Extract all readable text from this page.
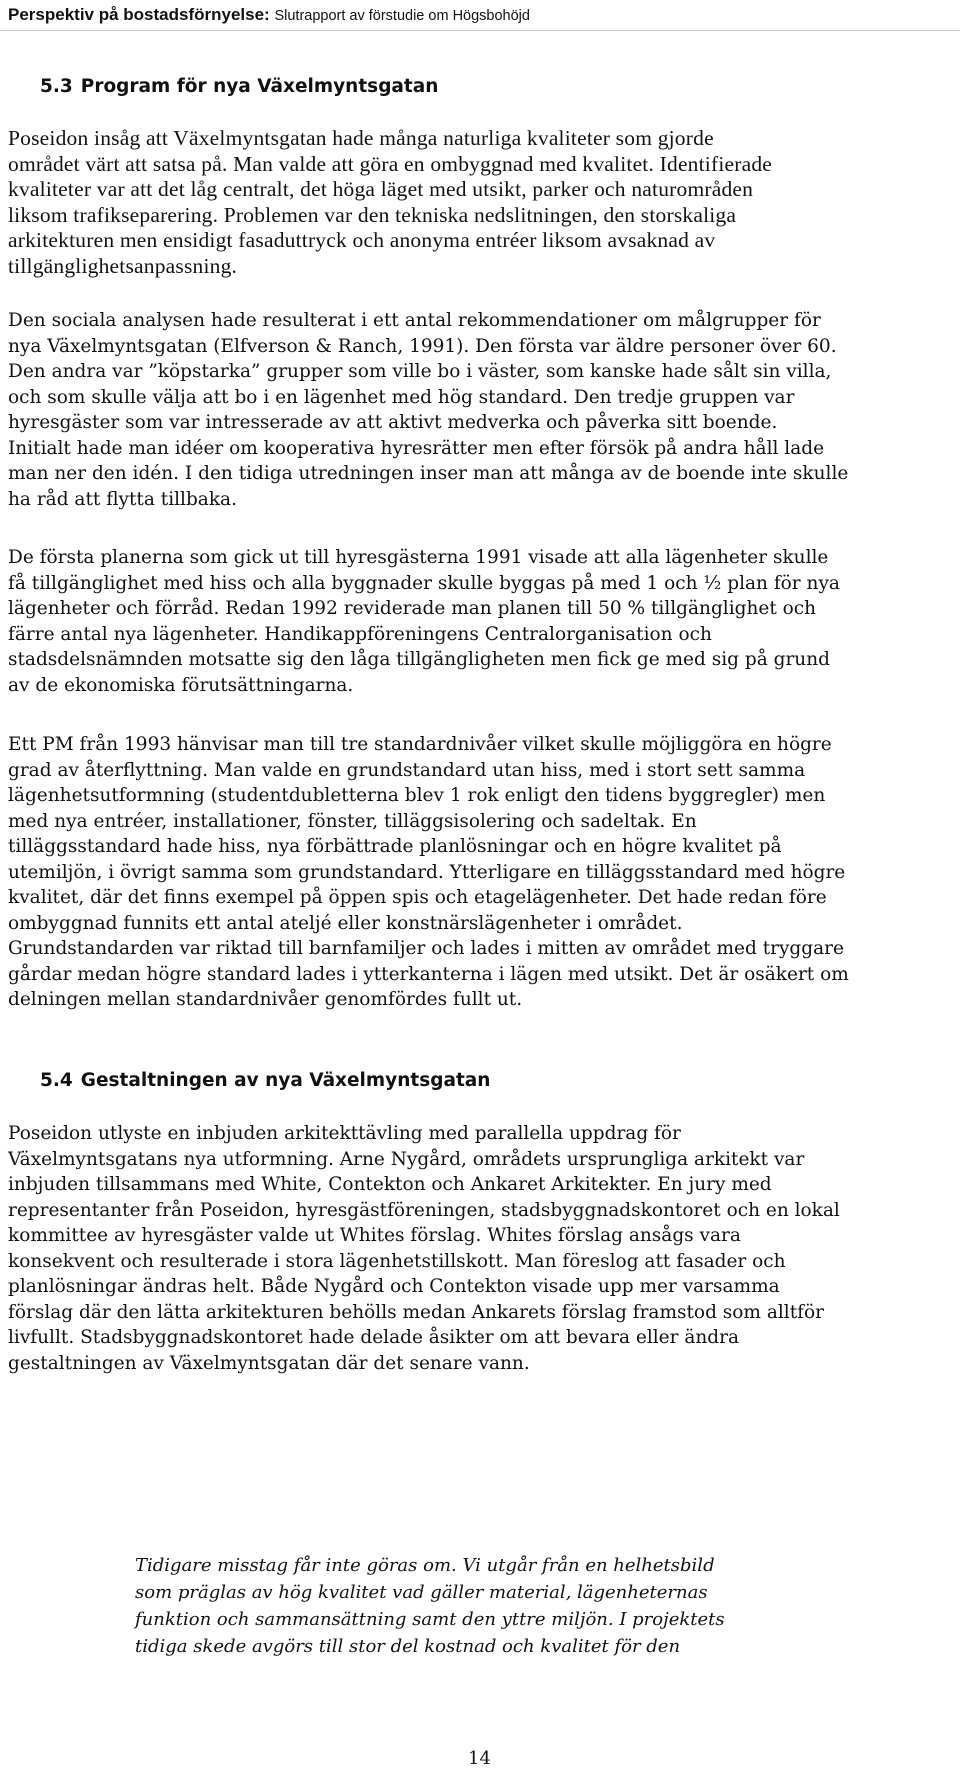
Perspektiv på bostadsförnyelse: Slutrapport av förstudie om Högsbohöjd
5.3 Program för nya Växelmyntsgatan

Poseidon insåg att Växelmyntsgatan hade många naturliga kvaliteter som gjorde
området värt att satsa på. Man valde att göra en ombyggnad med kvalitet. Identifierade
kvaliteter var att det låg centralt, det höga läget med utsikt, parker och naturområden
liksom trafikseparering. Problemen var den tekniska nedslitningen, den storskaliga
arkitekturen men ensidigt fasaduttryck och anonyma entréer liksom avsaknad av
tillgänglighetsanpassning.

Den sociala analysen hade resulterat i ett antal rekommendationer om målgrupper för
nya Växelmyntsgatan (Elfverson & Ranch, 1991). Den första var äldre personer över 60.
Den andra var ”köpstarka” grupper som ville bo i väster, som kanske hade sålt sin villa,
och som skulle välja att bo i en lägenhet med hög standard. Den tredje gruppen var
hyresgäster som var intresserade av att aktivt medverka och påverka sitt boende.
Initialt hade man idéer om kooperativa hyresrätter men efter försök på andra håll lade
man ner den idén. I den tidiga utredningen inser man att många av de boende inte skulle
ha råd att flytta tillbaka.

De första planerna som gick ut till hyresgästerna 1991 visade att alla lägenheter skulle
få tillgänglighet med hiss och alla byggnader skulle byggas på med 1 och ½ plan för nya
lägenheter och förråd. Redan 1992 reviderade man planen till 50 % tillgänglighet och
färre antal nya lägenheter. Handikappföreningens Centralorganisation och
stadsdelsnämnden motsatte sig den låga tillgängligheten men fick ge med sig på grund
av de ekonomiska förutsättningarna.

Ett PM från 1993 hänvisar man till tre standardnivåer vilket skulle möjliggöra en högre
grad av återflyttning. Man valde en grundstandard utan hiss, med i stort sett samma
lägenhetsutformning (studentdubletterna blev 1 rok enligt den tidens byggregler) men
med nya entréer, installationer, fönster, tilläggsisolering och sadeltak. En
tilläggsstandard hade hiss, nya förbättrade planlösningar och en högre kvalitet på
utemiljön, i övrigt samma som grundstandard. Ytterligare en tilläggsstandard med högre
kvalitet, där det finns exempel på öppen spis och etagelägenheter. Det hade redan före
ombyggnad funnits ett antal ateljé eller konstnärslägenheter i området.
Grundstandarden var riktad till barnfamiljer och lades i mitten av området med tryggare
gårdar medan högre standard lades i ytterkanterna i lägen med utsikt. Det är osäkert om
delningen mellan standardnivåer genomfördes fullt ut.

5.4 Gestaltningen av nya Växelmyntsgatan

Poseidon utlyste en inbjuden arkitekttävling med parallella uppdrag för
Växelmyntsgatans nya utformning. Arne Nygård, områdets ursprungliga arkitekt var
inbjuden tillsammans med White, Contekton och Ankaret Arkitekter. En jury med
representanter från Poseidon, hyresgästföreningen, stadsbyggnadskontoret och en lokal
kommittee av hyresgäster valde ut Whites förslag. Whites förslag ansågs vara
konsekvent och resulterade i stora lägenhetstillskott. Man föreslog att fasader och
planlösningar ändras helt. Både Nygård och Contekton visade upp mer varsamma
förslag där den lätta arkitekturen behölls medan Ankarets förslag framstod som alltför
livfullt. Stadsbyggnadskontoret hade delade åsikter om att bevara eller ändra
gestaltningen av Växelmyntsgatan där det senare vann.

Tidigare misstag får inte göras om. Vi utgår från en helhetsbild
som präglas av hög kvalitet vad gäller material, lägenheternas
funktion och sammansättning samt den yttre miljön. I projektets
tidiga skede avgörs till stor del kostnad och kvalitet för den

14
